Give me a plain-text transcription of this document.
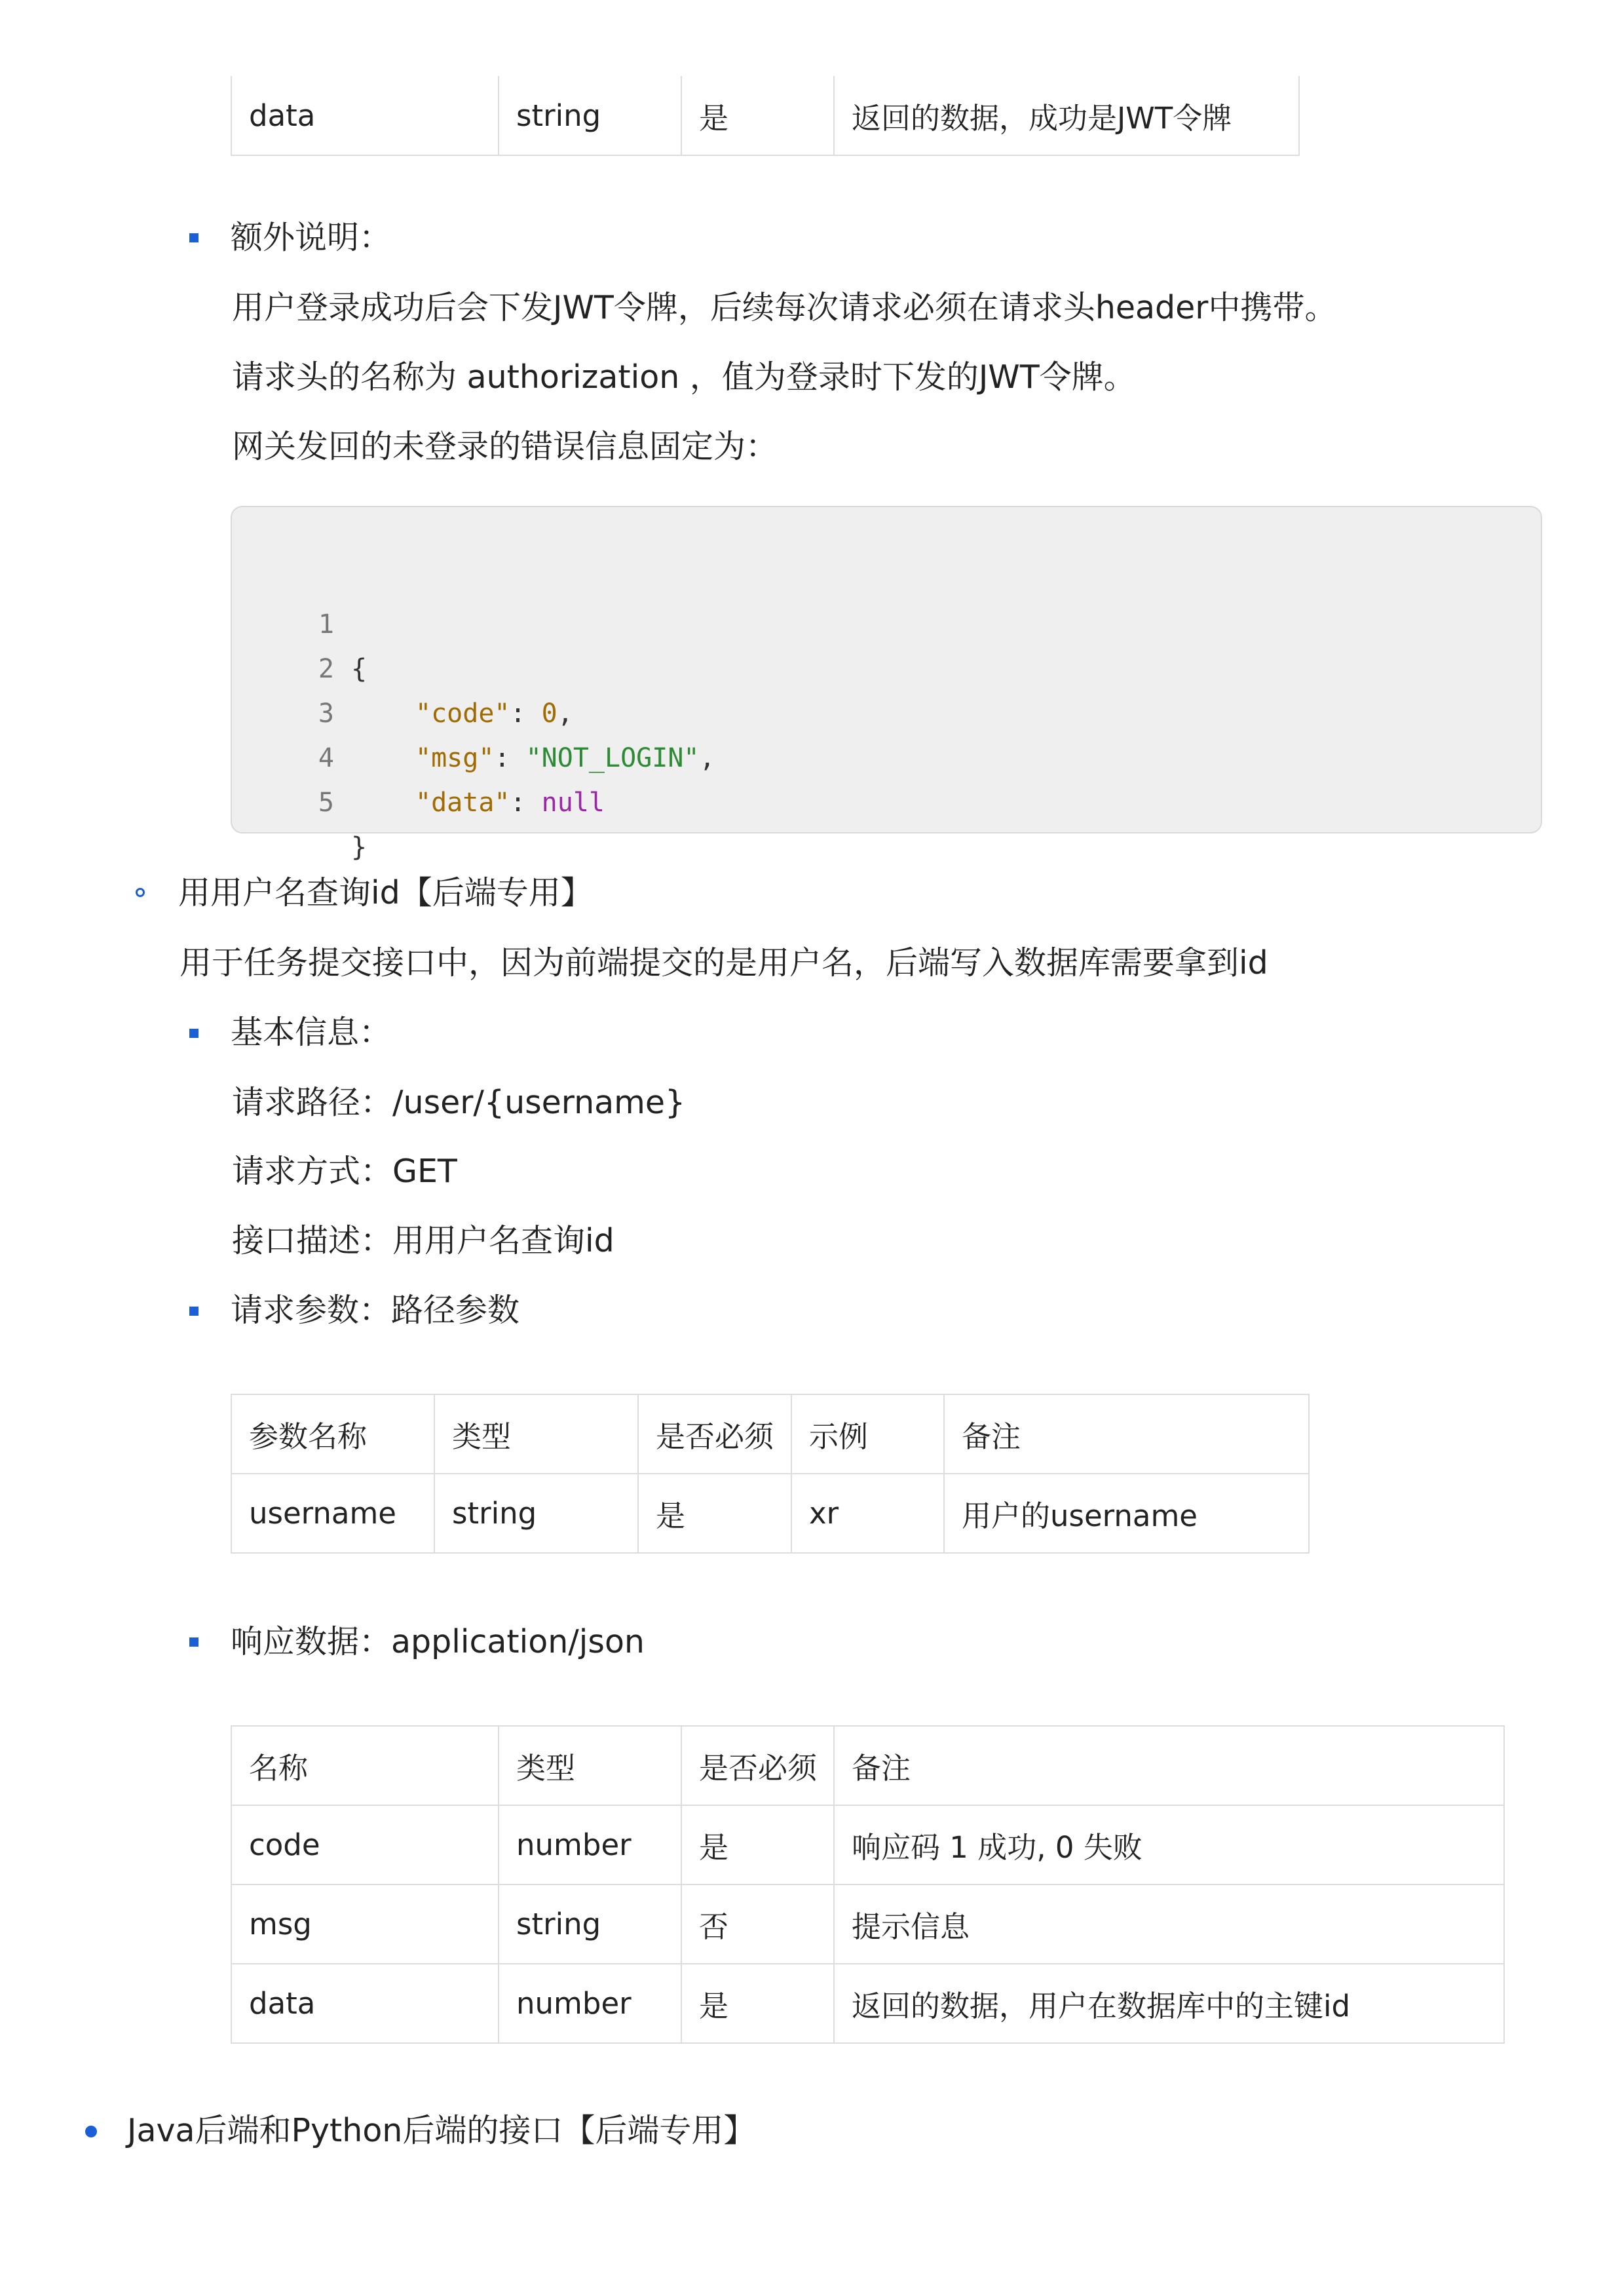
data	string	是	返回的数据，成功是JWT令牌
额外说明：
用户登录成功后会下发JWT令牌，后续每次请求必须在请求头header中携带。
请求头的名称为 authorization ，值为登录时下发的JWT令牌。
网关发回的未登录的错误信息固定为：

1

{

2

"code": 0,

3

"msg": "NOT_LOGIN",

4

"data": null

5

}

用用户名查询id【后端专用】
用于任务提交接口中，因为前端提交的是用户名，后端写入数据库需要拿到id
基本信息：
请求路径：/user/{username}
请求方式：GET
接口描述：用用户名查询id
请求参数：路径参数
参数名称	类型	是否必须	示例	备注
username	string	是	xr	用户的username
响应数据：application/json
名称	类型	是否必须	备注
code	number	是	响应码 1 成功, 0 失败
msg	string	否	提示信息
data	number	是	返回的数据，用户在数据库中的主键id
Java后端和Python后端的接口【后端专用】
